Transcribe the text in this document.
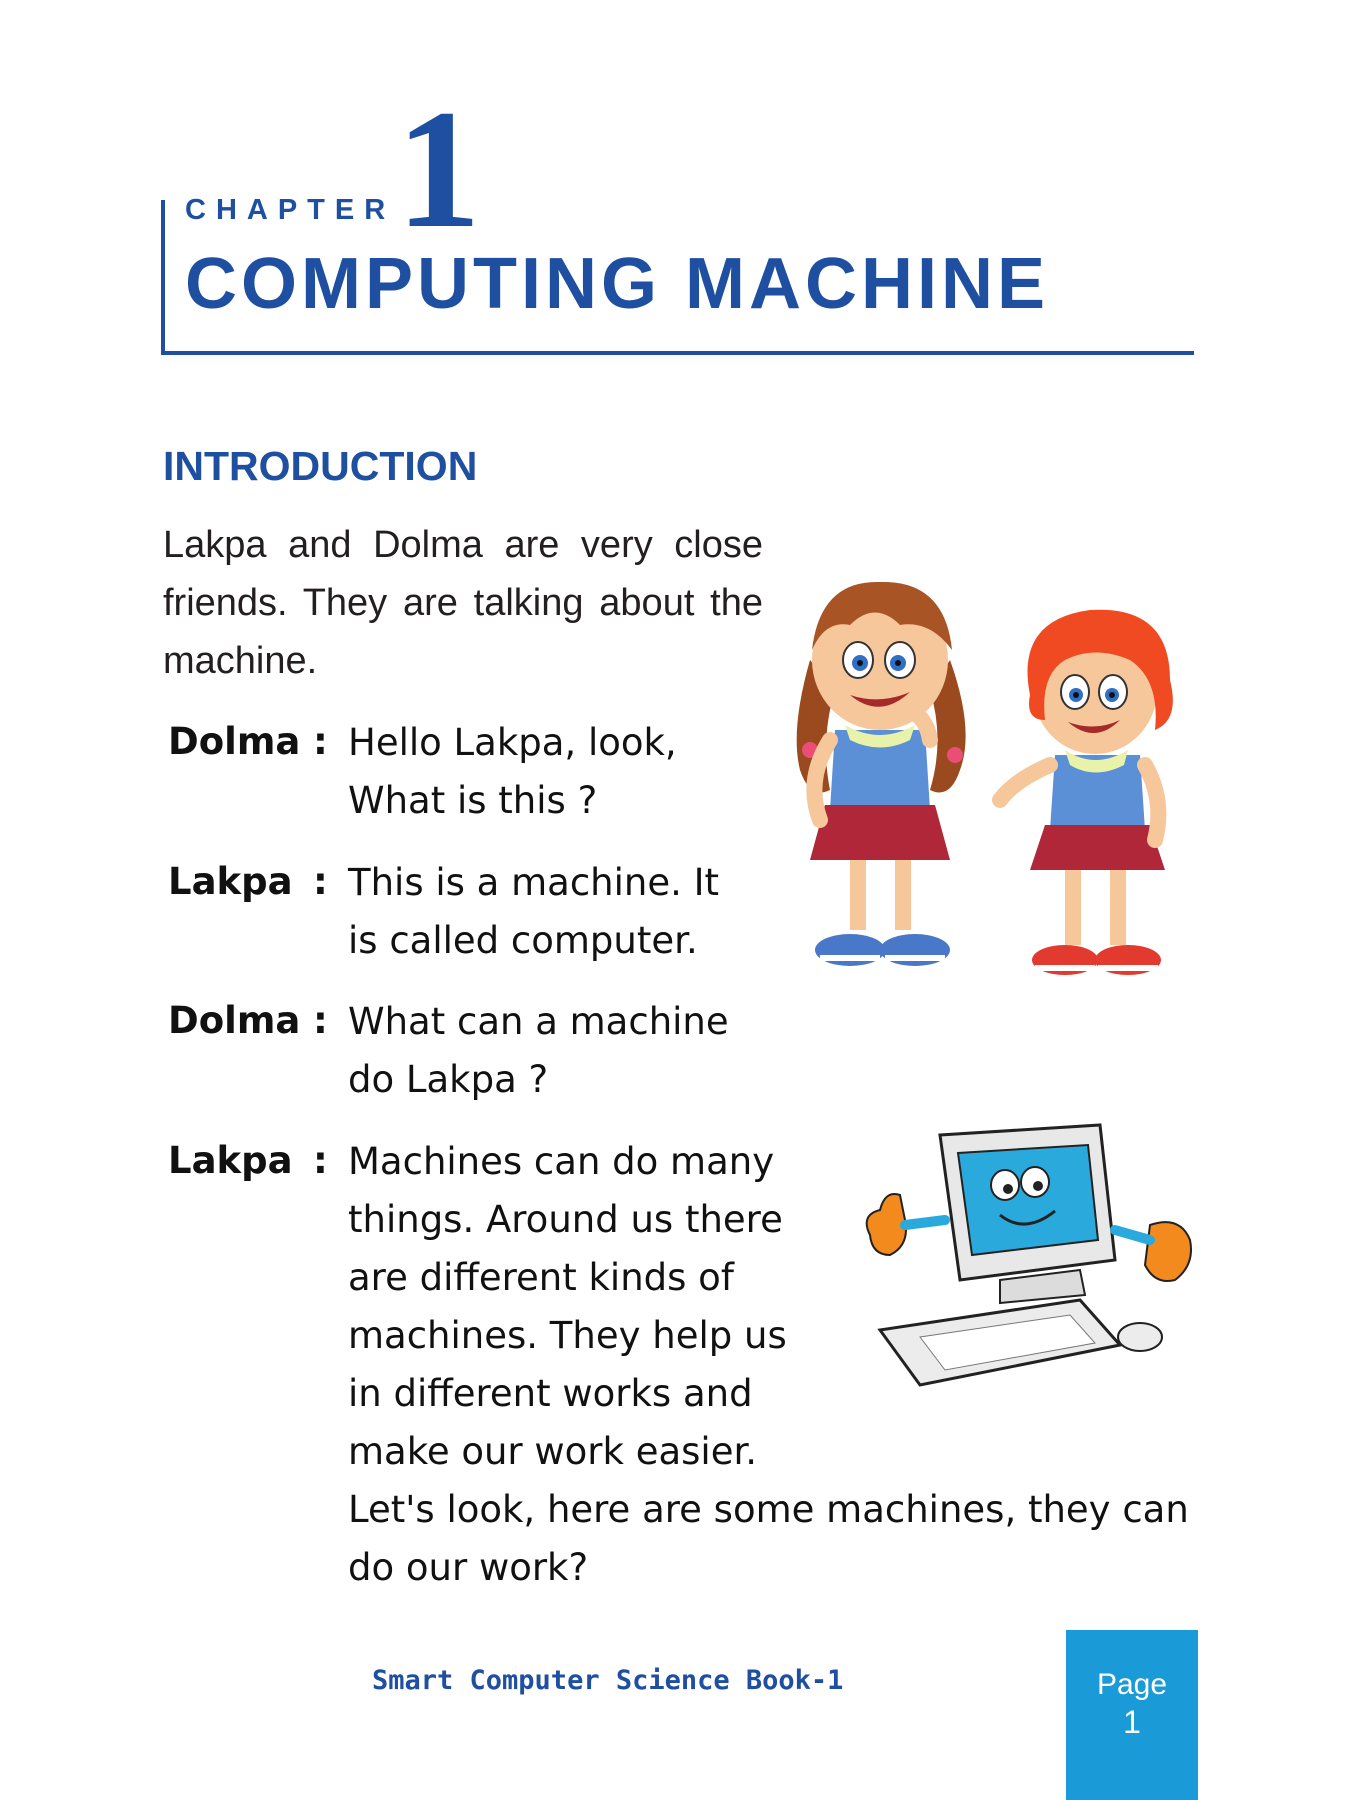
CHAPTER 1
COMPUTING MACHINE
INTRODUCTION
Lakpa and Dolma are very close friends. They are talking about the machine.
Dolma : Hello Lakpa, look,
What is this ?
Lakpa : This is a machine. It
is called computer.
Dolma : What can a machine
do Lakpa ?
Lakpa : Machines can do many
things. Around us there
are different kinds of
machines. They help us
in different works and
make our work easier.
Let's look, here are some machines, they can
do our work?
Smart Computer Science Book-1	Page
1
